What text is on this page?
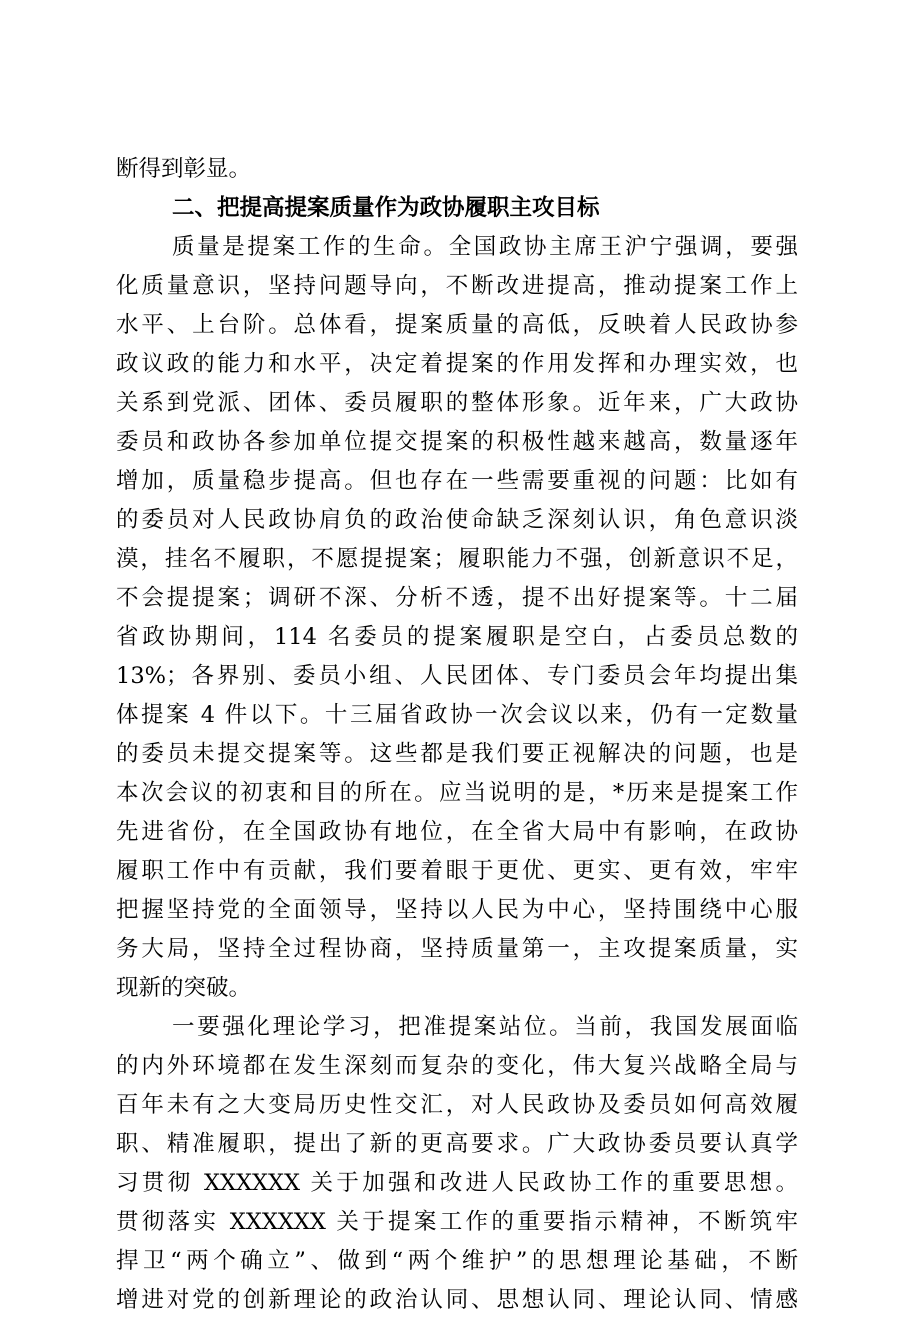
断得到彰显。
二、把提高提案质量作为政协履职主攻目标
质量是提案工作的生命。全国政协主席王沪宁强调，要强
化质量意识，坚持问题导向，不断改进提高，推动提案工作上
水平、上台阶。总体看，提案质量的高低，反映着人民政协参
政议政的能力和水平，决定着提案的作用发挥和办理实效，也
关系到党派、团体、委员履职的整体形象。近年来，广大政协
委员和政协各参加单位提交提案的积极性越来越高，数量逐年
增加，质量稳步提高。但也存在一些需要重视的问题：比如有
的委员对人民政协肩负的政治使命缺乏深刻认识，角色意识淡
漠，挂名不履职，不愿提提案；履职能力不强，创新意识不足，
不会提提案；调研不深、分析不透，提不出好提案等。十二届
省政协期间，114 名委员的提案履职是空白，占委员总数的
13%；各界别、委员小组、人民团体、专门委员会年均提出集
体提案 4 件以下。十三届省政协一次会议以来，仍有一定数量
的委员未提交提案等。这些都是我们要正视解决的问题，也是
本次会议的初衷和目的所在。应当说明的是，*历来是提案工作
先进省份，在全国政协有地位，在全省大局中有影响，在政协
履职工作中有贡献，我们要着眼于更优、更实、更有效，牢牢
把握坚持党的全面领导，坚持以人民为中心，坚持围绕中心服
务大局，坚持全过程协商，坚持质量第一，主攻提案质量，实
现新的突破。
一要强化理论学习，把准提案站位。当前，我国发展面临
的内外环境都在发生深刻而复杂的变化，伟大复兴战略全局与
百年未有之大变局历史性交汇，对人民政协及委员如何高效履
职、精准履职，提出了新的更高要求。广大政协委员要认真学
习贯彻 XXXXXX 关于加强和改进人民政协工作的重要思想。
贯彻落实 XXXXXX 关于提案工作的重要指示精神，不断筑牢
捍卫“两个确立”、做到“两个维护”的思想理论基础，不断
增进对党的创新理论的政治认同、思想认同、理论认同、情感
